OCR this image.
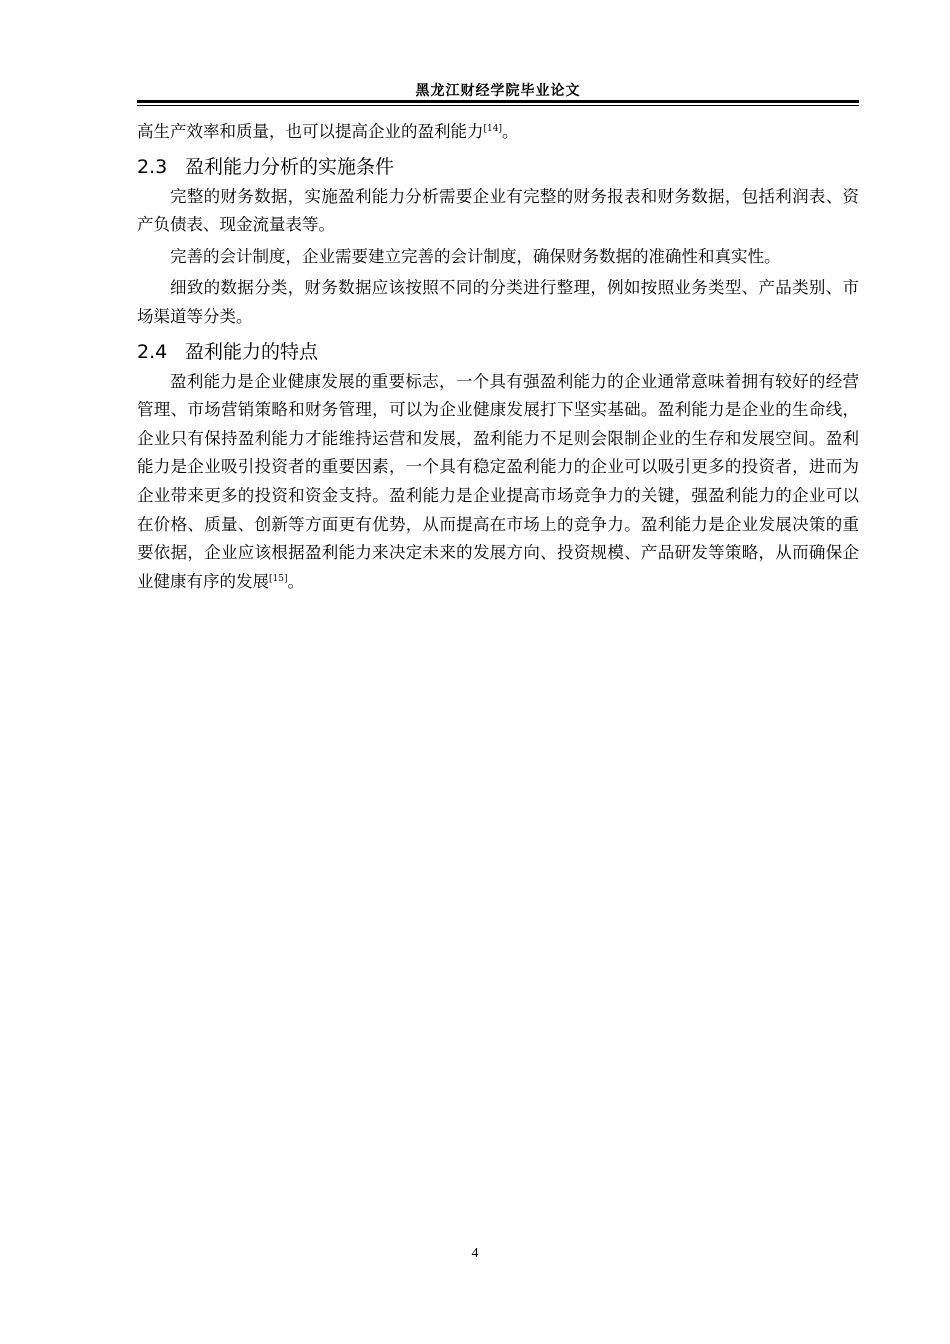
黑龙江财经学院毕业论文

高生产效率和质量，也可以提高企业的盈利能力[14]。

2.3 盈利能力分析的实施条件

完整的财务数据，实施盈利能力分析需要企业有完整的财务报表和财务数据，包括利润表、资产负债表、现金流量表等。

完善的会计制度，企业需要建立完善的会计制度，确保财务数据的准确性和真实性。

细致的数据分类，财务数据应该按照不同的分类进行整理，例如按照业务类型、产品类别、市场渠道等分类。

2.4 盈利能力的特点

盈利能力是企业健康发展的重要标志，一个具有强盈利能力的企业通常意味着拥有较好的经营管理、市场营销策略和财务管理，可以为企业健康发展打下坚实基础。盈利能力是企业的生命线，企业只有保持盈利能力才能维持运营和发展，盈利能力不足则会限制企业的生存和发展空间。盈利能力是企业吸引投资者的重要因素，一个具有稳定盈利能力的企业可以吸引更多的投资者，进而为企业带来更多的投资和资金支持。盈利能力是企业提高市场竞争力的关键，强盈利能力的企业可以在价格、质量、创新等方面更有优势，从而提高在市场上的竞争力。盈利能力是企业发展决策的重要依据，企业应该根据盈利能力来决定未来的发展方向、投资规模、产品研发等策略，从而确保企业健康有序的发展[15]。

4
